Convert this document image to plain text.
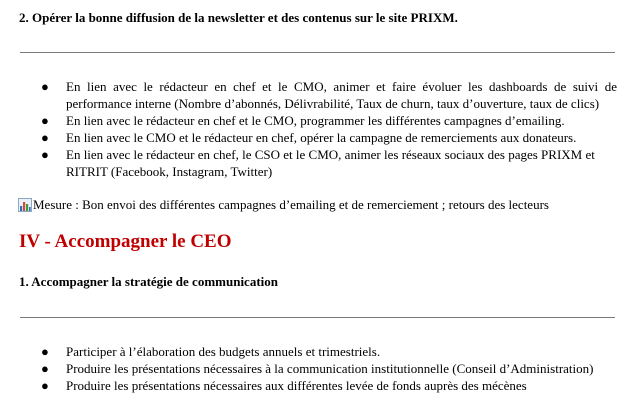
2. Opérer la bonne diffusion de la newsletter et des contenus sur le site PRIXM.
● En lien avec le rédacteur en chef et le CMO, animer et faire évoluer les dashboards de suivi de performance interne (Nombre d’abonnés, Délivrabilité, Taux de churn, taux d’ouverture, taux de clics)
● En lien avec le rédacteur en chef et le CMO, programmer les différentes campagnes d’emailing.
● En lien avec le CMO et le rédacteur en chef, opérer la campagne de remerciements aux donateurs.
● En lien avec le rédacteur en chef, le CSO et le CMO, animer les réseaux sociaux des pages PRIXM et RITRIT (Facebook, Instagram, Twitter)
Mesure : Bon envoi des différentes campagnes d’emailing et de remerciement ; retours des lecteurs
IV - Accompagner le CEO
1. Accompagner la stratégie de communication
● Participer à l’élaboration des budgets annuels et trimestriels.
● Produire les présentations nécessaires à la communication institutionnelle (Conseil d’Administration)
● Produire les présentations nécessaires aux différentes levée de fonds auprès des mécènes
